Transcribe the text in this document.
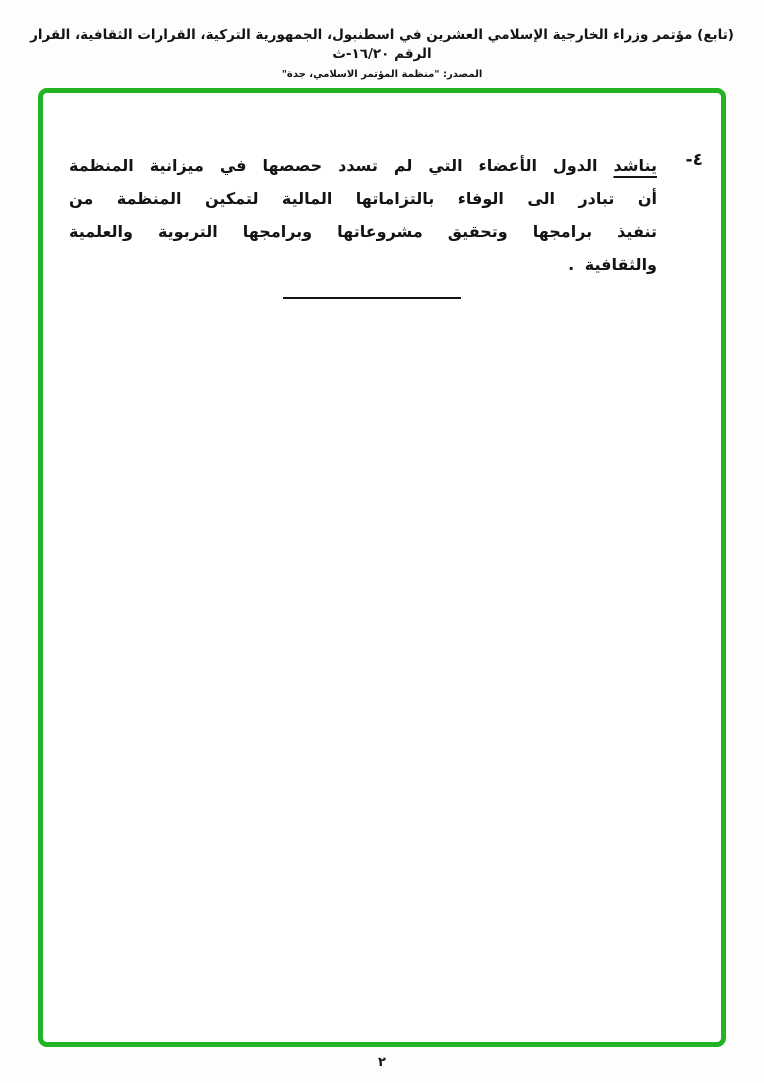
(تابع) مؤتمر وزراء الخارجية الإسلامي العشرين في اسطنبول، الجمهورية التركية، القرارات الثقافية، القرار الرقم ١٦/٢٠-ث
المصدر: "منظمة المؤتمر الاسلامي، جدة"
٤-
يناشد الدول الأعضاء التي لم تسدد حصصها في ميزانية المنظمة
أن تبادر الى الوفاء بالتزاماتها المالية لتمكين المنظمة من
تنفيذ برامجها وتحقيق مشروعاتها وبرامجها التربوية والعلمية
والثقافية .
٢
